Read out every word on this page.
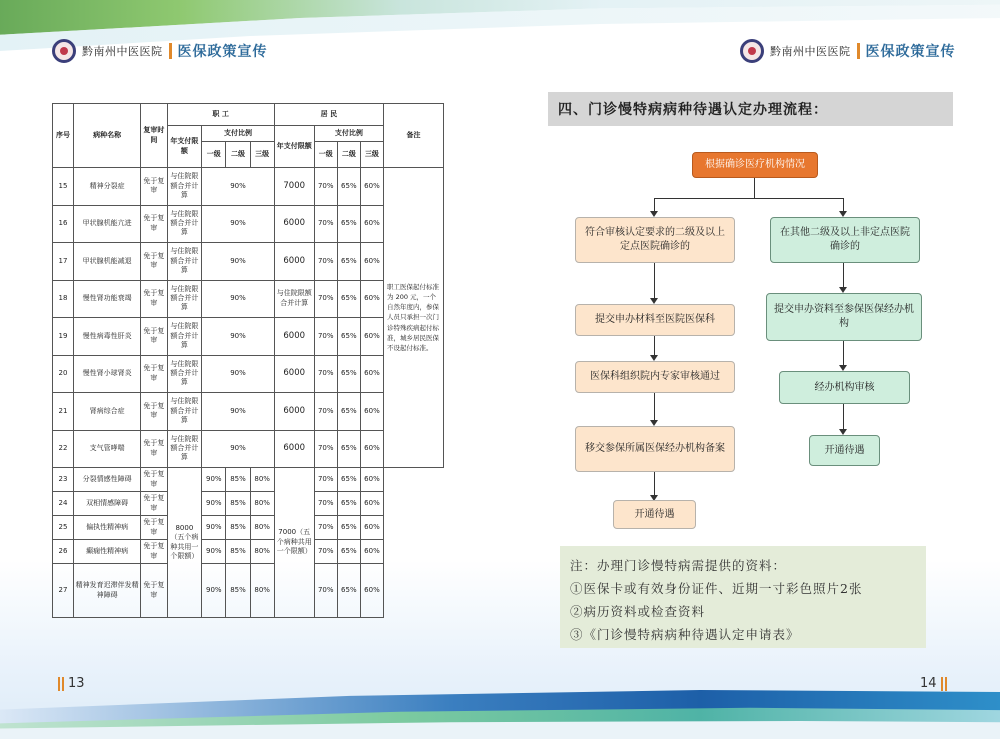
黔南州中医医院 医保政策宣传	黔南州中医医院 医保政策宣传
序号	病种名称	复审时间	职 工				居 民				备注
			年支付限额	支付比例			年支付限额	支付比例			
				一级	二级	三级		一级	二级	三级	
15	精神分裂症	免于复审	与住院限额合并计算	90%			7000	70%	65%	60%	职工医保起付标准为 200 元，一个自然年度内，参保人员只承担一次门诊特殊疾病起付标准，城乡居民医保不设起付标准。
16	甲状腺机能亢进	免于复审	与住院限额合并计算	90%			6000	70%	65%	60%	
17	甲状腺机能减退	免于复审	与住院限额合并计算	90%			6000	70%	65%	60%	
18	慢性肾功能衰竭	免于复审	与住院限额合并计算	90%			与住院限额合并计算	70%	65%	60%	
19	慢性病毒性肝炎	免于复审	与住院限额合并计算	90%			6000	70%	65%	60%	
20	慢性肾小球肾炎	免于复审	与住院限额合并计算	90%			6000	70%	65%	60%	
21	肾病综合症	免于复审	与住院限额合并计算	90%			6000	70%	65%	60%	
22	支气管哮喘	免于复审	与住院限额合并计算	90%			6000	70%	65%	60%	
23	分裂情感性障碍	免于复审	8000（五个病种共用一个限额）	90%	85%	80%	7000（五个病种共用一个限额）	70%	65%	60%	
24	双相情感障碍	免于复审		90%	85%	80%		70%	65%	60%	
25	偏执性精神病	免于复审		90%	85%	80%		70%	65%	60%	
26	癫痫性精神病	免于复审		90%	85%	80%		70%	65%	60%	
27	精神发育迟滞伴发精神障碍	免于复审		90%	85%	80%		70%	65%	60%	
13	14
四、门诊慢特病病种待遇认定办理流程：
根据确诊医疗机构情况
符合审核认定要求的二级及以上定点医院确诊的
提交申办材料至医院医保科
医保科组织院内专家审核通过
移交参保所属医保经办机构备案
开通待遇
在其他二级及以上非定点医院确诊的
提交申办资料至参保医保经办机构
经办机构审核
开通待遇
注：办理门诊慢特病需提供的资料：
①医保卡或有效身份证件、近期一寸彩色照片2张
②病历资料或检查资料
③《门诊慢特病病种待遇认定申请表》
